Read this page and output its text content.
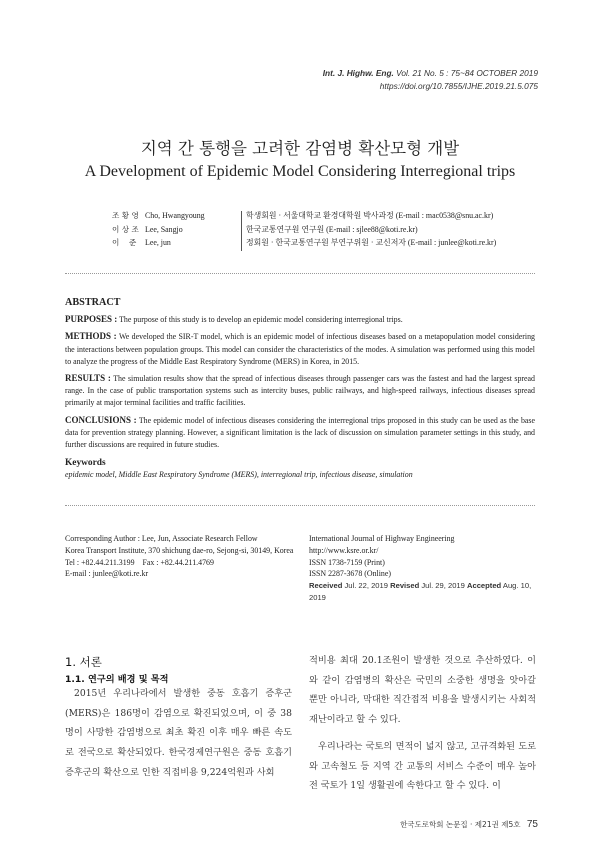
Int. J. Highw. Eng. Vol. 21 No. 5 : 75~84 OCTOBER 2019
https://doi.org/10.7855/IJHE.2019.21.5.075
지역 간 통행을 고려한 감염병 확산모형 개발
A Development of Epidemic Model Considering Interregional trips
조 황 영 Cho, Hwangyoung	학생회원 · 서울대학교 환경대학원 박사과정 (E-mail : mac0538@snu.ac.kr)
이 상 조 Lee, Sangjo	한국교통연구원 연구원 (E-mail : sjlee88@koti.re.kr)
이    준	Lee, jun	정회원 · 한국교통연구원 부연구위원 · 교신저자 (E-mail : junlee@koti.re.kr)
ABSTRACT

PURPOSES : The purpose of this study is to develop an epidemic model considering interregional trips.

METHODS : We developed the SIR-T model, which is an epidemic model of infectious diseases based on a metapopulation model considering the interactions between population groups. This model can consider the characteristics of the modes. A simulation was performed using this model to analyze the progress of the Middle East Respiratory Syndrome (MERS) in Korea, in 2015.

RESULTS : The simulation results show that the spread of infectious diseases through passenger cars was the fastest and had the largest spread range. In the case of public transportation systems such as intercity buses, public railways, and high-speed railways, infectious diseases spread primarily at major terminal facilities and traffic facilities.

CONCLUSIONS : The epidemic model of infectious diseases considering the interregional trips proposed in this study can be used as the base data for prevention strategy planning. However, a significant limitation is the lack of discussion on simulation parameter settings in this study, and further discussions are required in future studies.

Keywords
epidemic model, Middle East Respiratory Syndrome (MERS), interregional trip, infectious disease, simulation
Corresponding Author : Lee, Jun, Associate Research Fellow
Korea Transport Institute, 370 shichung dae-ro, Sejong-si, 30149, Korea
Tel : +82.44.211.3199    Fax : +82.44.211.4769
E-mail : junlee@koti.re.kr
International Journal of Highway Engineering
http://www.ksre.or.kr/
ISSN 1738-7159 (Print)
ISSN 2287-3678 (Online)
Received Jul. 22, 2019 Revised Jul. 29, 2019 Accepted Aug. 10, 2019
1. 서론
1.1. 연구의 배경 및 목적

2015년 우리나라에서 발생한 중동 호흡기 증후군 (MERS)은 186명이 감염으로 확진되었으며, 이 중 38명이 사망한 감염병으로 최초 확진 이후 매우 빠른 속도로 전국으로 확산되었다. 한국경제연구원은 중동 호흡기 증후군의 확산으로 인한 직접비용 9,224억원과 사회

적비용 최대 20.1조원이 발생한 것으로 추산하였다. 이와 같이 감염병의 확산은 국민의 소중한 생명을 앗아갈 뿐만 아니라, 막대한 직간접적 비용을 발생시키는 사회적 재난이라고 할 수 있다.

우리나라는 국토의 면적이 넓지 않고, 고규격화된 도로와 고속철도 등 지역 간 교통의 서비스 수준이 매우 높아 전 국토가 1일 생활권에 속한다고 할 수 있다. 이

한국도로학회 논문집 · 제21권 제5호 75
